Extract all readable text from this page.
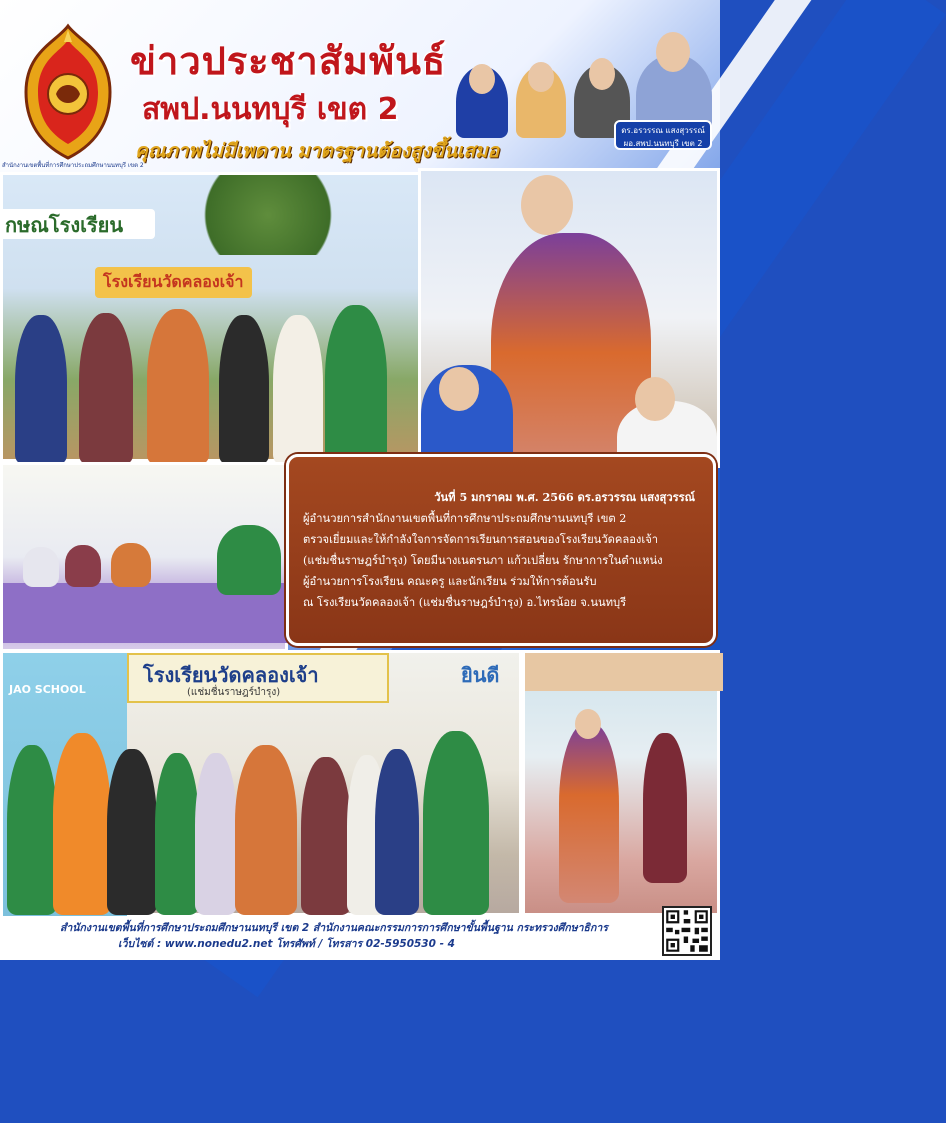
สำนักงานเขตพื้นที่การศึกษาประถมศึกษานนทบุรี เขต 2
ข่าวประชาสัมพันธ์
สพป.นนทบุรี เขต 2
คุณภาพไม่มีเพดาน มาตรฐานต้องสูงขึ้นเสมอ
ดร.อรวรรณ แสงสุวรรณ์ ผอ.สพป.นนทบุรี เขต 2
กษณโรงเรียน
โรงเรียนวัดคลองเจ้า
วันที่ 5 มกราคม พ.ศ. 2566 ดร.อรวรรณ แสงสุวรรณ์
ผู้อำนวยการสำนักงานเขตพื้นที่การศึกษาประถมศึกษานนทบุรี เขต 2
ตรวจเยี่ยมและให้กำลังใจการจัดการเรียนการสอนของโรงเรียนวัดคลองเจ้า
(แช่มชื่นราษฎร์บำรุง) โดยมีนางเนตรนภา แก้วเปลี่ยน รักษาการในตำแหน่ง
ผู้อำนวยการโรงเรียน คณะครู และนักเรียน ร่วมให้การต้อนรับ
ณ โรงเรียนวัดคลองเจ้า (แช่มชื่นราษฎร์บำรุง) อ.ไทรน้อย จ.นนทบุรี
JAO SCHOOL
โรงเรียนวัดคลองเจ้า
(แช่มชื่นราษฎร์บำรุง)
ยินดี
สำนักงานเขตพื้นที่การศึกษาประถมศึกษานนทบุรี เขต 2 สำนักงานคณะกรรมการการศึกษาขั้นพื้นฐาน กระทรวงศึกษาธิการ
เว็บไซต์ : www.nonedu2.net โทรศัพท์ / โทรสาร 02-5950530 - 4
